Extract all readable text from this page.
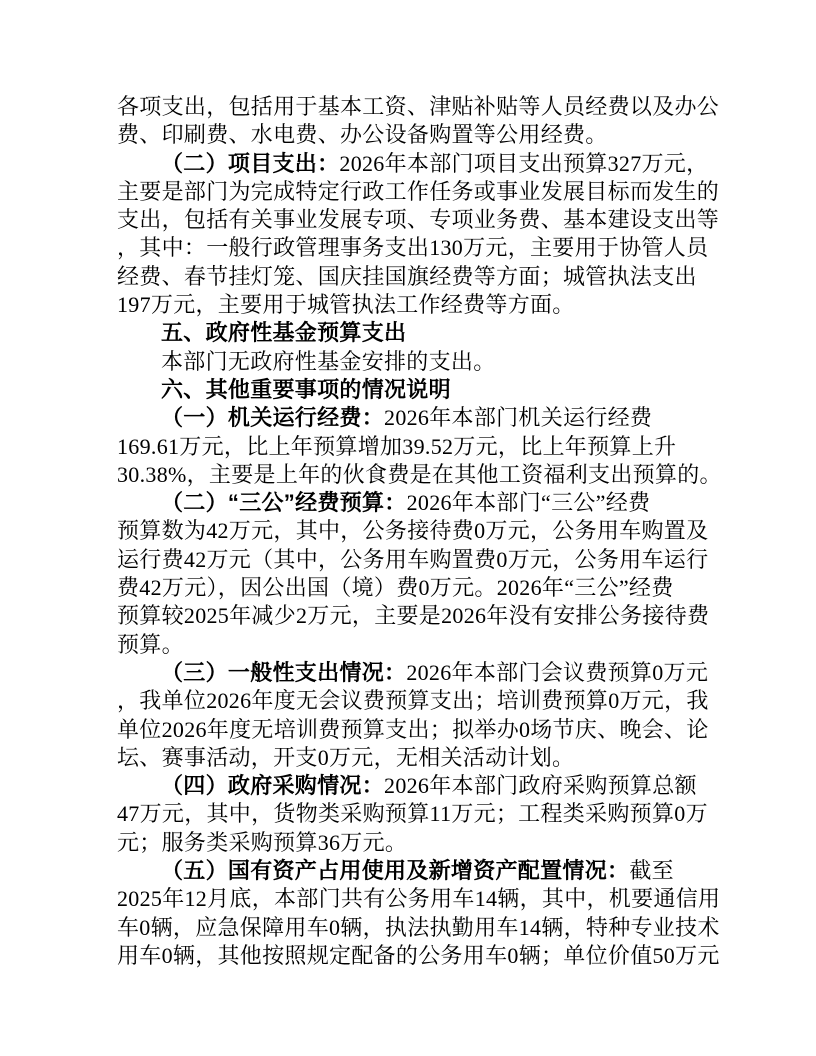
各项支出，包括用于基本工资、津贴补贴等人员经费以及办公
费、印刷费、水电费、办公设备购置等公用经费。
（二）项目支出：2026年本部门项目支出预算327万元，
主要是部门为完成特定行政工作任务或事业发展目标而发生的
支出，包括有关事业发展专项、专项业务费、基本建设支出等
，其中：一般行政管理事务支出130万元，主要用于协管人员
经费、春节挂灯笼、国庆挂国旗经费等方面；城管执法支出
197万元，主要用于城管执法工作经费等方面。
五、政府性基金预算支出
本部门无政府性基金安排的支出。
六、其他重要事项的情况说明
（一）机关运行经费：2026年本部门机关运行经费
169.61万元，比上年预算增加39.52万元，比上年预算上升
30.38%，主要是上年的伙食费是在其他工资福利支出预算的。
（二）“三公”经费预算：2026年本部门“三公”经费
预算数为42万元，其中，公务接待费0万元，公务用车购置及
运行费42万元（其中，公务用车购置费0万元，公务用车运行
费42万元），因公出国（境）费0万元。2026年“三公”经费
预算较2025年减少2万元，主要是2026年没有安排公务接待费
预算。
（三）一般性支出情况：2026年本部门会议费预算0万元
，我单位2026年度无会议费预算支出；培训费预算0万元，我
单位2026年度无培训费预算支出；拟举办0场节庆、晚会、论
坛、赛事活动，开支0万元，无相关活动计划。
（四）政府采购情况：2026年本部门政府采购预算总额
47万元，其中，货物类采购预算11万元；工程类采购预算0万
元；服务类采购预算36万元。
（五）国有资产占用使用及新增资产配置情况：截至
2025年12月底，本部门共有公务用车14辆，其中，机要通信用
车0辆，应急保障用车0辆，执法执勤用车14辆，特种专业技术
用车0辆，其他按照规定配备的公务用车0辆；单位价值50万元
